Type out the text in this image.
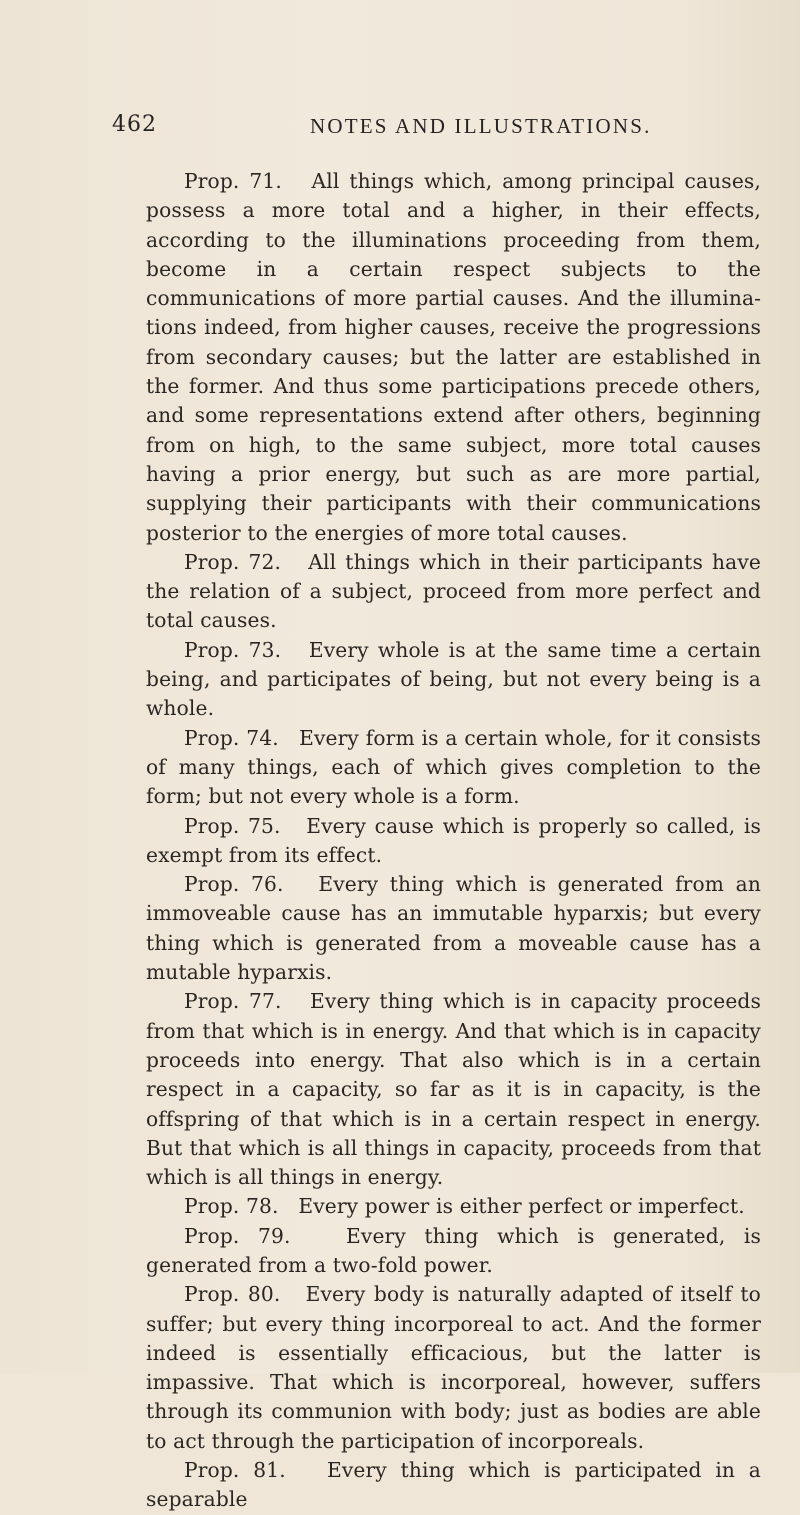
462	NOTES AND ILLUSTRATIONS.

Prop. 71. All things which, among principal causes, possess a more total and a higher, in their effects, according to the illuminations proceeding from them, become in a certain respect subjects to the communications of more partial causes. And the illuminations indeed, from higher causes, receive the progressions from secondary causes; but the latter are established in the former. And thus some participations precede others, and some representations extend after others, beginning from on high, to the same subject, more total causes having a prior energy, but such as are more partial, supplying their participants with their communications posterior to the energies of more total causes.

Prop. 72. All things which in their participants have the relation of a subject, proceed from more perfect and total causes.

Prop. 73. Every whole is at the same time a certain being, and participates of being, but not every being is a whole.

Prop. 74. Every form is a certain whole, for it consists of many things, each of which gives completion to the form; but not every whole is a form.

Prop. 75. Every cause which is properly so called, is exempt from its effect.

Prop. 76. Every thing which is generated from an immoveable cause has an immutable hyparxis; but every thing which is generated from a moveable cause has a mutable hyparxis.

Prop. 77. Every thing which is in capacity proceeds from that which is in energy. And that which is in capacity proceeds into energy. That also which is in a certain respect in a capacity, so far as it is in capacity, is the offspring of that which is in a certain respect in energy. But that which is all things in capacity, proceeds from that which is all things in energy.

Prop. 78. Every power is either perfect or imperfect.

Prop. 79.	Every thing which is generated, is generated from a two-fold power.

Prop. 80. Every body is naturally adapted of itself to suffer; but every thing incorporeal to act. And the former indeed is essentially efficacious, but the latter is impassive. That which is incorporeal, however, suffers through its communion with body; just as bodies are able to act through the participation of incorporeals.

Prop. 81. Every thing which is participated in a separable
